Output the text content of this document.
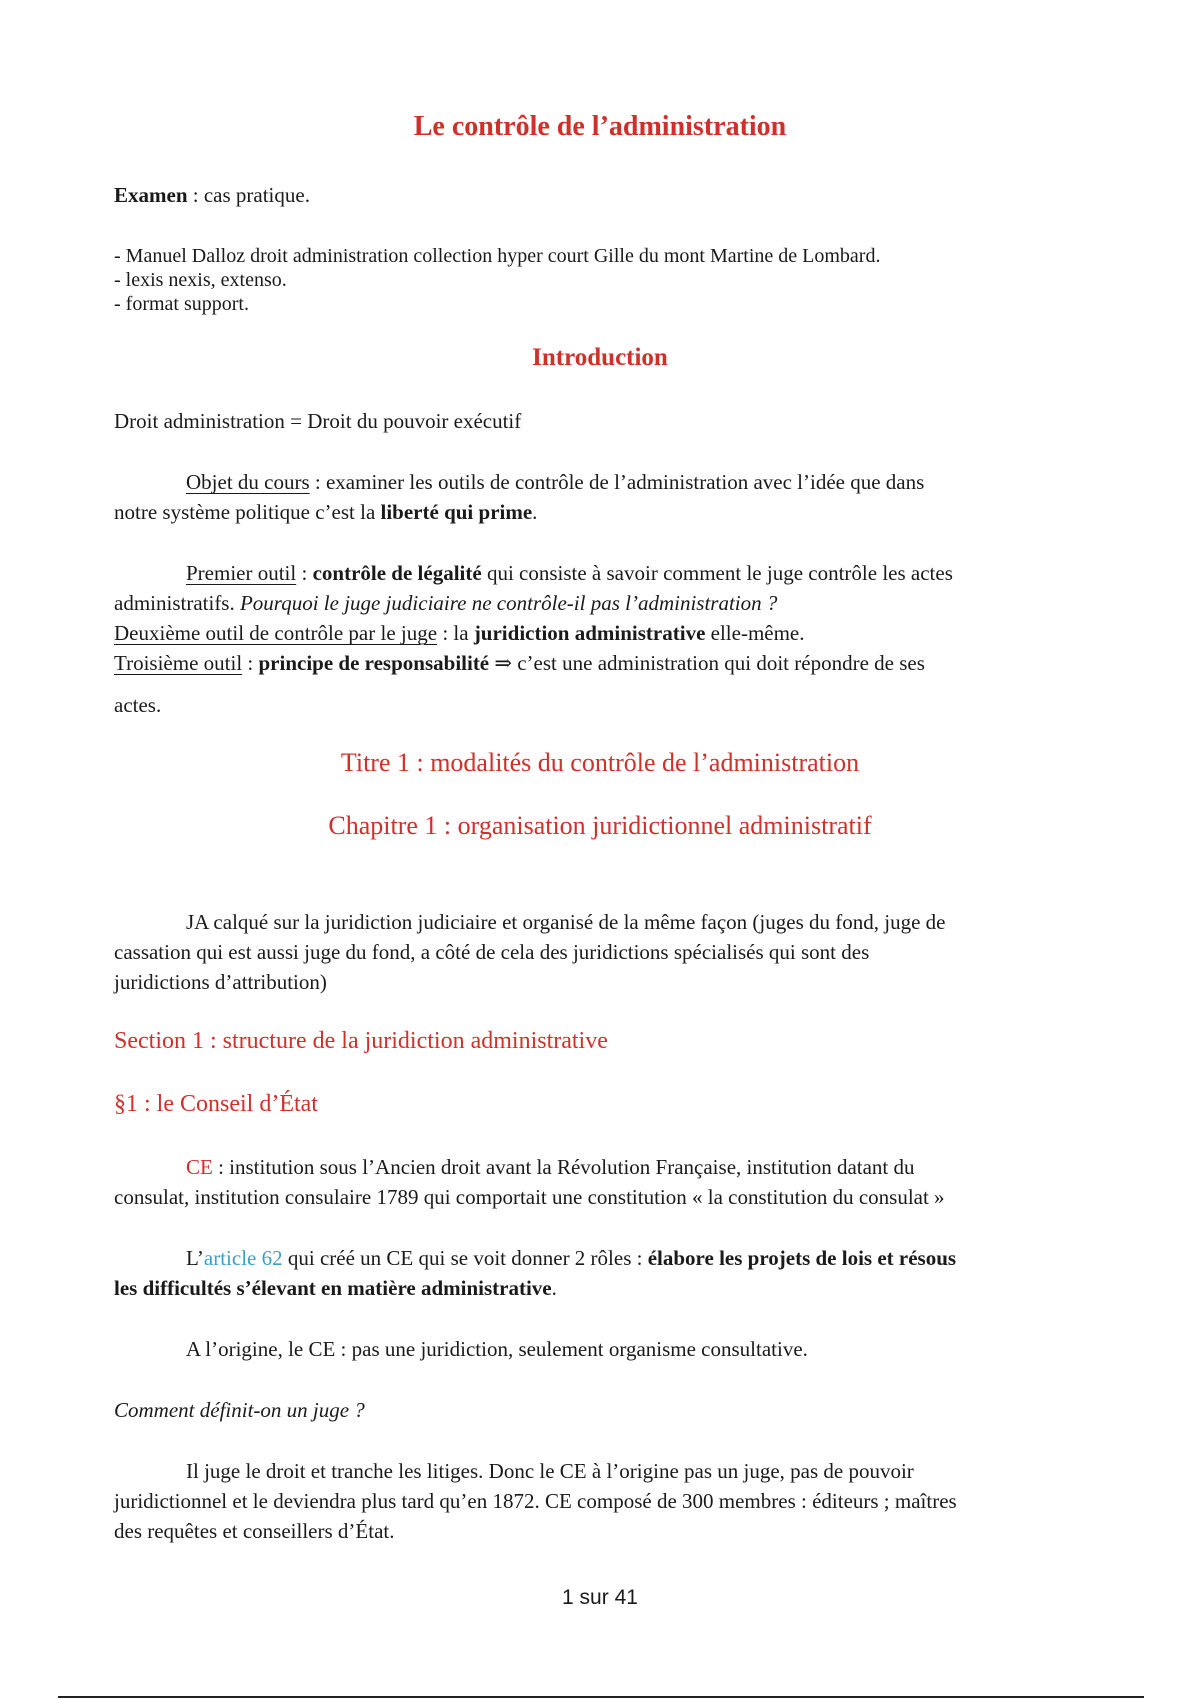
Le contrôle de l’administration
Examen : cas pratique.
- Manuel Dalloz droit administration collection hyper court Gille du mont Martine de Lombard.
- lexis nexis, extenso.
- format support.
Introduction
Droit administration = Droit du pouvoir exécutif
Objet du cours : examiner les outils de contrôle de l’administration avec l’idée que dans
notre système politique c’est la liberté qui prime.
Premier outil : contrôle de légalité qui consiste à savoir comment le juge contrôle les actes
administratifs. Pourquoi le juge judiciaire ne contrôle-il pas l’administration ?
Deuxième outil de contrôle par le juge : la juridiction administrative elle-même.
Troisième outil : principe de responsabilité ⇒ c’est une administration qui doit répondre de ses
actes.
Titre 1 : modalités du contrôle de l’administration
Chapitre 1 : organisation juridictionnel administratif
JA calqué sur la juridiction judiciaire et organisé de la même façon (juges du fond, juge de
cassation qui est aussi juge du fond, a côté de cela des juridictions spécialisés qui sont des
juridictions d’attribution)
Section 1 : structure de la juridiction administrative
§1 : le Conseil d’État
CE : institution sous l’Ancien droit avant la Révolution Française, institution datant du
consulat, institution consulaire 1789 qui comportait une constitution « la constitution du consulat »
L’article 62 qui créé un CE qui se voit donner 2 rôles : élabore les projets de lois et résous
les difficultés s’élevant en matière administrative.
A l’origine, le CE : pas une juridiction, seulement organisme consultative.
Comment définit-on un juge ?
Il juge le droit et tranche les litiges. Donc le CE à l’origine pas un juge, pas de pouvoir
juridictionnel et le deviendra plus tard qu’en 1872. CE composé de 300 membres : éditeurs ; maîtres
des requêtes et conseillers d’État.
1 sur 41
